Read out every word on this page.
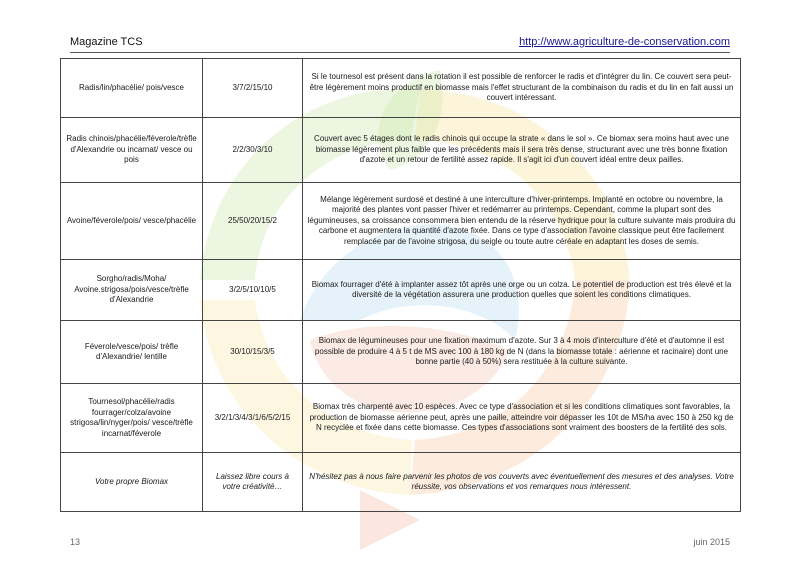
Magazine TCS	http://www.agriculture-de-conservation.com
Radis/lin/phacélie/ pois/vesce	3/7/2/15/10	Si le tournesol est présent dans la rotation il est possible de renforcer le radis et d'intégrer du lin. Ce couvert sera peut-être légèrement moins productif en biomasse mais l'effet structurant de la combinaison du radis et du lin en fait aussi un couvert intéressant.
Radis chinois/phacélie/féverole/trèfle d'Alexandrie ou incarnat/ vesce ou pois	2/2/30/3/10	Couvert avec 5 étages dont le radis chinois qui occupe la strate « dans le sol ». Ce biomax sera moins haut avec une biomasse légèrement plus faible que les précédents mais il sera très dense, structurant avec une très bonne fixation d'azote et un retour de fertilité assez rapide. Il s'agit ici d'un couvert idéal entre deux pailles.
Avoine/féverole/pois/ vesce/phacélie	25/50/20/15/2	Mélange légèrement surdosé et destiné à une interculture d'hiver-printemps. Implanté en octobre ou novembre, la majorité des plantes vont passer l'hiver et redémarrer au printemps. Cependant, comme la plupart sont des légumineuses, sa croissance consommera bien entendu de la réserve hydrique pour la culture suivante mais produira du carbone et augmentera la quantité d'azote fixée. Dans ce type d'association l'avoine classique peut être facilement remplacée par de l'avoine strigosa, du seigle ou toute autre céréale en adaptant les doses de semis.
Sorgho/radis/Moha/ Avoine.strigosa/pois/vesce/trèfle d'Alexandrie	3/2/5/10/10/5	Biomax fourrager d'été à implanter assez tôt après une orge ou un colza. Le potentiel de production est très élevé et la diversité de la végétation assurera une production quelles que soient les conditions climatiques.
Féverole/vesce/pois/ trèfle d'Alexandrie/ lentille	30/10/15/3/5	Biomax de légumineuses pour une fixation maximum d'azote. Sur 3 à 4 mois d'interculture d'été et d'automne il est possible de produire 4 à 5 t de MS avec 100 à 180 kg de N (dans la biomasse totale : aérienne et racinaire) dont une bonne partie (40 à 50%) sera restituée à la culture suivante.
Tournesol/phacélie/radis fourrager/colza/avoine strigosa/lin/nyger/pois/ vesce/trèfle incarnat/féverole	3/2/1/3/4/3/1/6/5/2/15	Biomax très charpenté avec 10 espèces. Avec ce type d'association et si les conditions climatiques sont favorables, la production de biomasse aérienne peut, après une paille, atteindre voir dépasser les 10t de MS/ha avec 150 à 250 kg de N recyclée et fixée dans cette biomasse. Ces types d'associations sont vraiment des boosters de la fertilité des sols.
Votre propre Biomax	Laissez libre cours à votre créativité…	N'hésitez pas à nous faire parvenir les photos de vos couverts avec éventuellement des mesures et des analyses. Votre réussite, vos observations et vos remarques nous intéressent.
13	juin 2015
